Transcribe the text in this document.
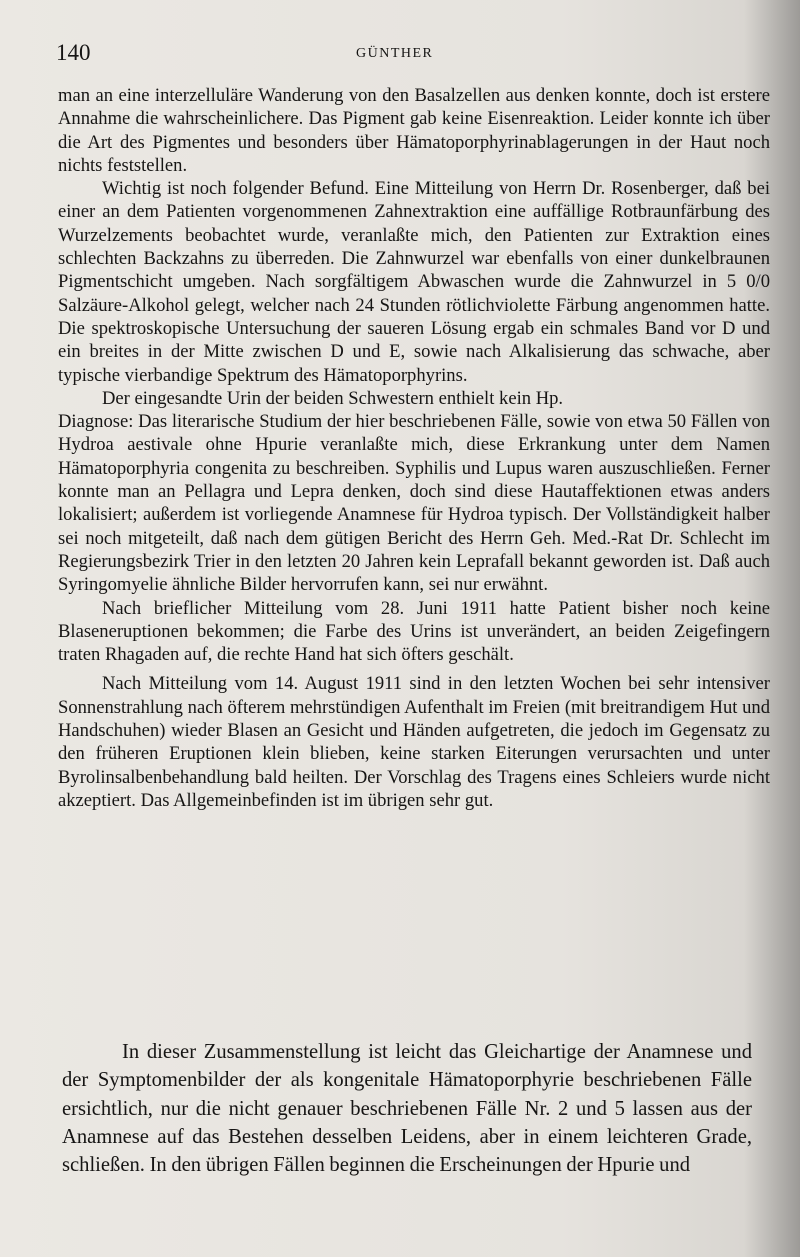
140	GÜNTHER

man an eine interzelluläre Wanderung von den Basalzellen aus denken konnte, doch ist erstere Annahme die wahrscheinlichere. Das Pigment gab keine Eisenreaktion. Leider konnte ich über die Art des Pigmentes und besonders über Hämatoporphyrinablagerungen in der Haut noch nichts feststellen.

Wichtig ist noch folgender Befund. Eine Mitteilung von Herrn Dr. Rosenberger, daß bei einer an dem Patienten vorgenommenen Zahnextraktion eine auffällige Rotbraunfärbung des Wurzelzements beobachtet wurde, veranlaßte mich, den Patienten zur Extraktion eines schlechten Backzahns zu überreden. Die Zahnwurzel war ebenfalls von einer dunkelbraunen Pigmentschicht umgeben. Nach sorgfältigem Abwaschen wurde die Zahnwurzel in 5 0/0 Salzäure-Alkohol gelegt, welcher nach 24 Stunden rötlichviolette Färbung angenommen hatte. Die spektroskopische Untersuchung der saueren Lösung ergab ein schmales Band vor D und ein breites in der Mitte zwischen D und E, sowie nach Alkalisierung das schwache, aber typische vierbandige Spektrum des Hämatoporphyrins.

Der eingesandte Urin der beiden Schwestern enthielt kein Hp.

Diagnose: Das literarische Studium der hier beschriebenen Fälle, sowie von etwa 50 Fällen von Hydroa aestivale ohne Hpurie veranlaßte mich, diese Erkrankung unter dem Namen Hämatoporphyria congenita zu beschreiben. Syphilis und Lupus waren auszuschließen. Ferner konnte man an Pellagra und Lepra denken, doch sind diese Hautaffektionen etwas anders lokalisiert; außerdem ist vorliegende Anamnese für Hydroa typisch. Der Vollständigkeit halber sei noch mitgeteilt, daß nach dem gütigen Bericht des Herrn Geh. Med.-Rat Dr. Schlecht im Regierungsbezirk Trier in den letzten 20 Jahren kein Leprafall bekannt geworden ist. Daß auch Syringomyelie ähnliche Bilder hervorrufen kann, sei nur erwähnt.

Nach brieflicher Mitteilung vom 28. Juni 1911 hatte Patient bisher noch keine Blaseneruptionen bekommen; die Farbe des Urins ist unverändert, an beiden Zeigefingern traten Rhagaden auf, die rechte Hand hat sich öfters geschält.

Nach Mitteilung vom 14. August 1911 sind in den letzten Wochen bei sehr intensiver Sonnenstrahlung nach öfterem mehrstündigen Aufenthalt im Freien (mit breitrandigem Hut und Handschuhen) wieder Blasen an Gesicht und Händen aufgetreten, die jedoch im Gegensatz zu den früheren Eruptionen klein blieben, keine starken Eiterungen verursachten und unter Byrolinsalbenbehandlung bald heilten. Der Vorschlag des Tragens eines Schleiers wurde nicht akzeptiert. Das Allgemeinbefinden ist im übrigen sehr gut.

In dieser Zusammenstellung ist leicht das Gleichartige der Anamnese und der Symptomenbilder der als kongenitale Hämatoporphyrie beschriebenen Fälle ersichtlich, nur die nicht genauer beschriebenen Fälle Nr. 2 und 5 lassen aus der Anamnese auf das Bestehen desselben Leidens, aber in einem leichteren Grade, schließen. In den übrigen Fällen beginnen die Erscheinungen der Hpurie und
